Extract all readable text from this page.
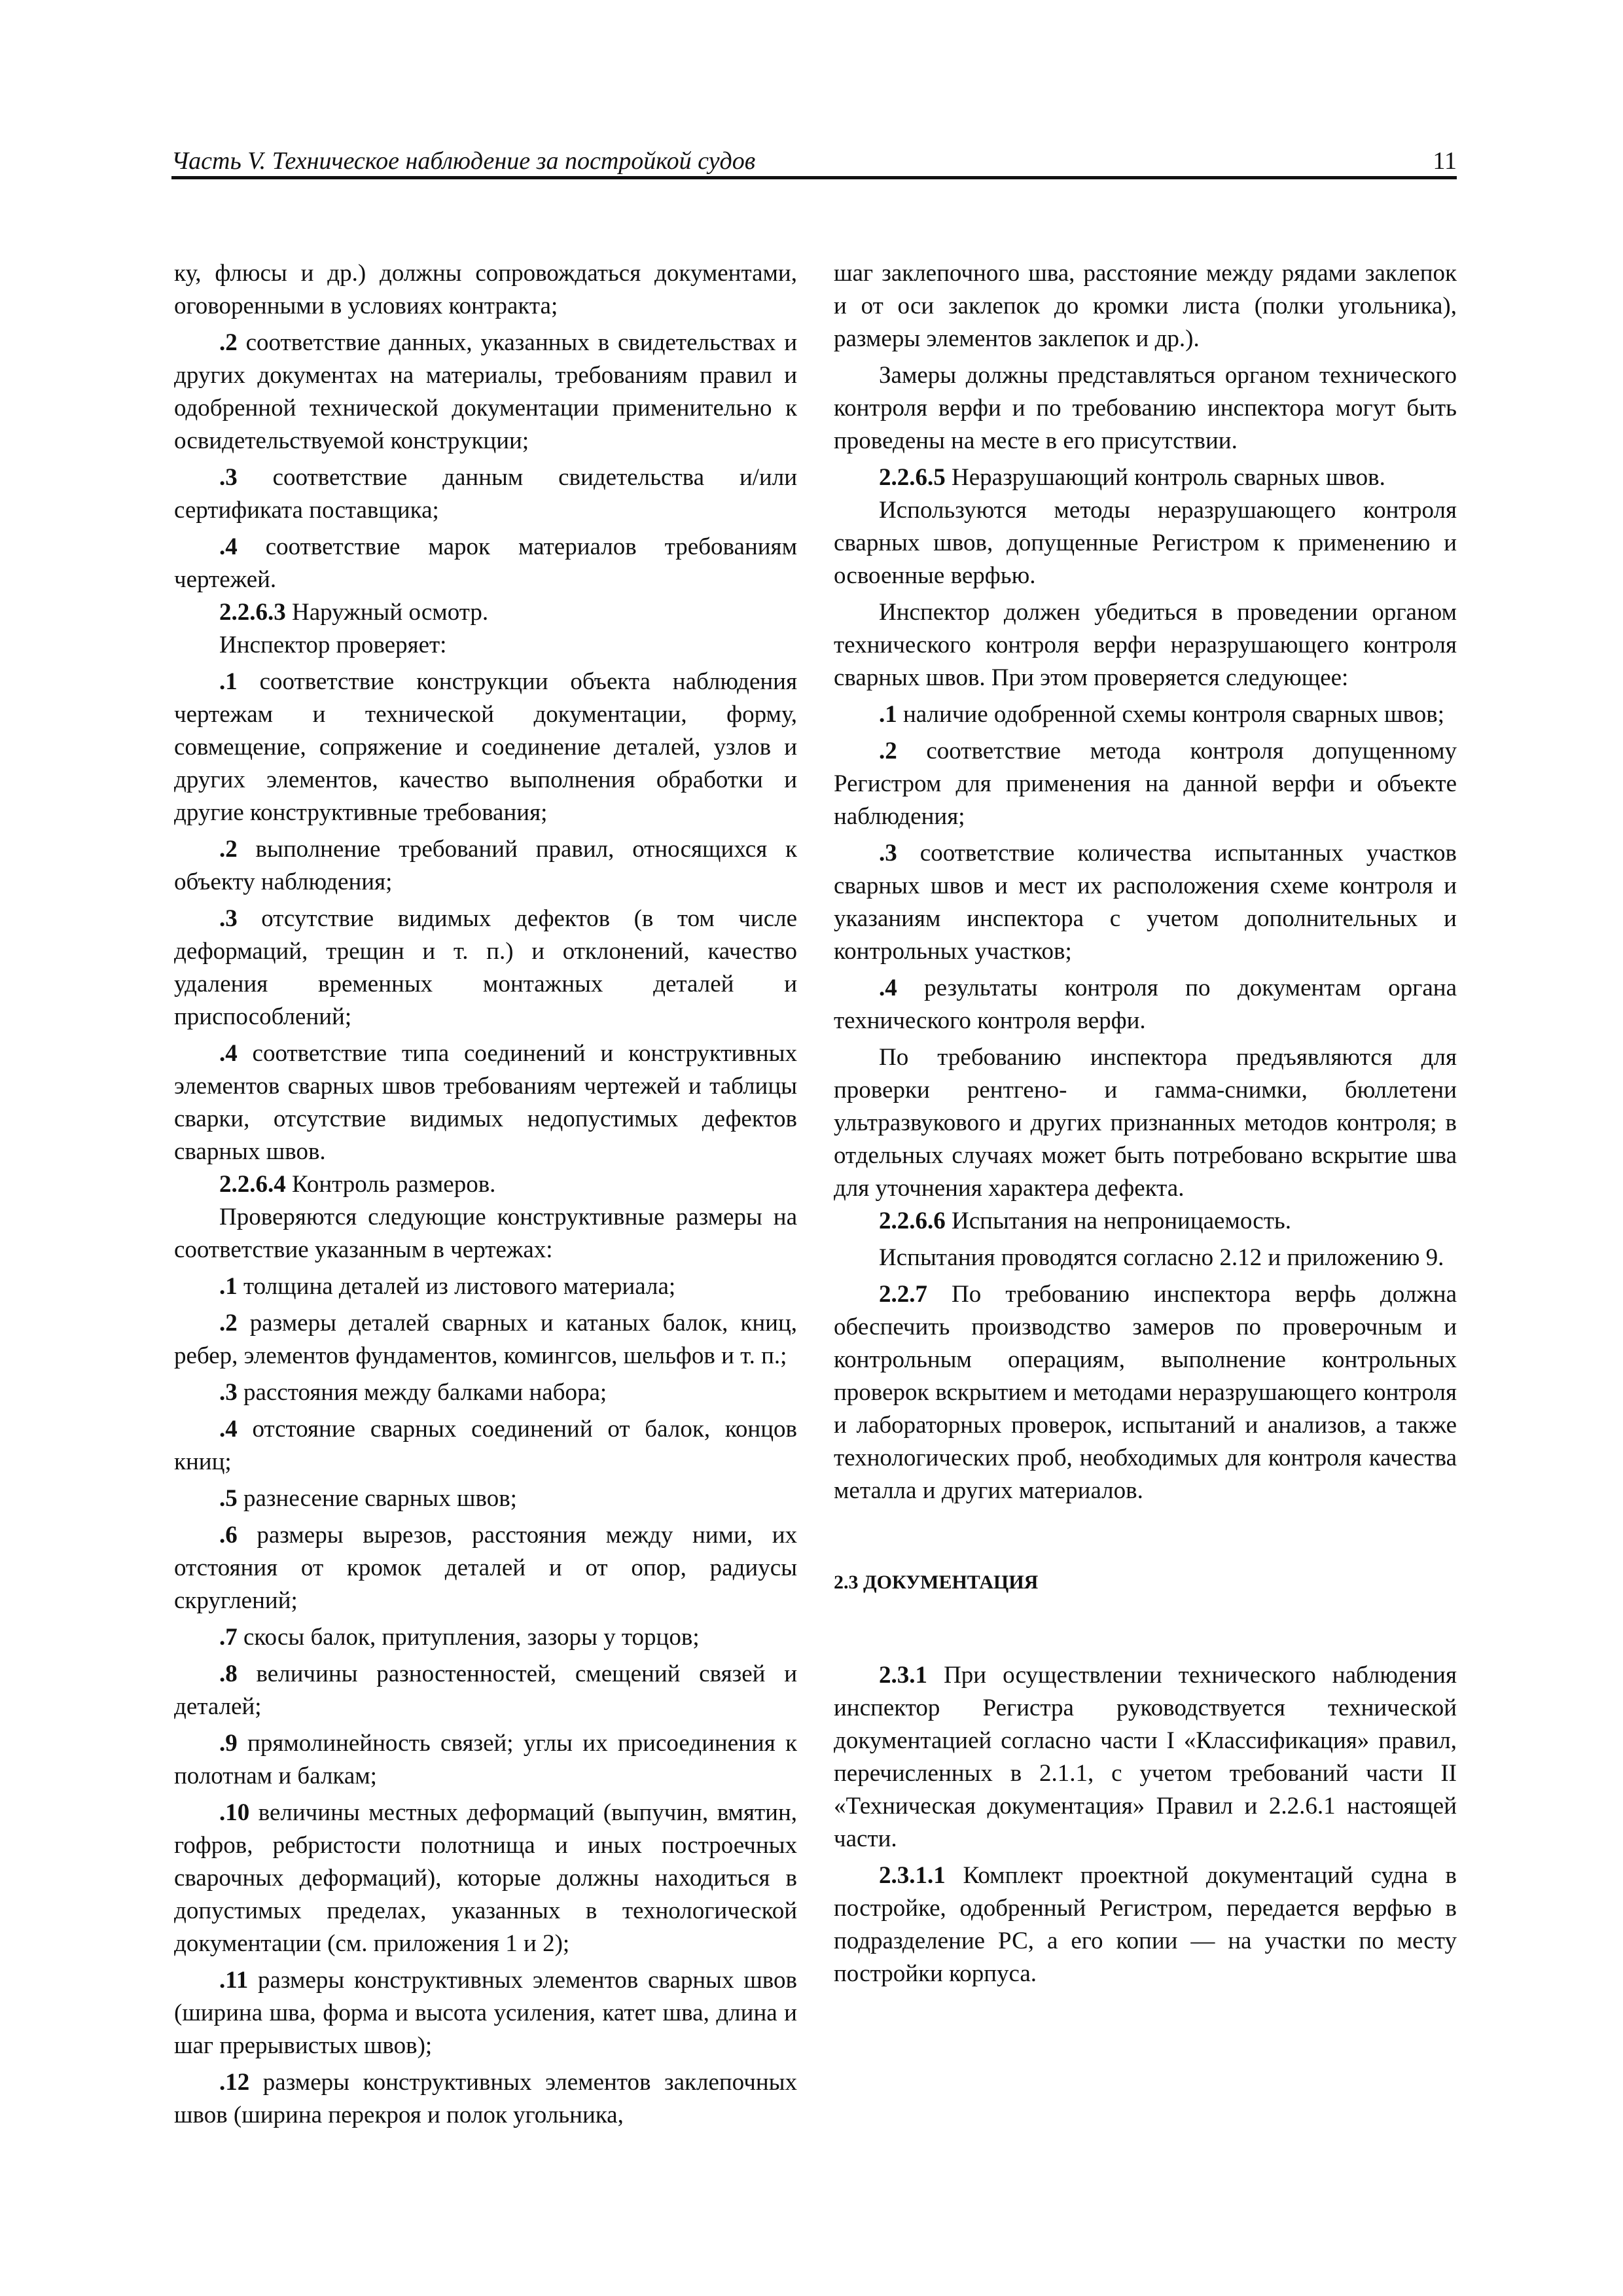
Часть V. Техническое наблюдение за постройкой судов	11

ку, флюсы и др.) должны сопровождаться документами, оговоренными в условиях контракта;

.2 соответствие данных, указанных в свидетельствах и других документах на материалы, требованиям правил и одобренной технической документации применительно к освидетельствуемой конструкции;

.3 соответствие данным свидетельства и/или сертификата поставщика;

.4 соответствие марок материалов требованиям чертежей.

2.2.6.3 Наружный осмотр.

Инспектор проверяет:

.1 соответствие конструкции объекта наблюдения чертежам и технической документации, форму, совмещение, сопряжение и соединение деталей, узлов и других элементов, качество выполнения обработки и другие конструктивные требования;

.2 выполнение требований правил, относящихся к объекту наблюдения;

.3 отсутствие видимых дефектов (в том числе деформаций, трещин и т. п.) и отклонений, качество удаления временных монтажных деталей и приспособлений;

.4 соответствие типа соединений и конструктивных элементов сварных швов требованиям чертежей и таблицы сварки, отсутствие видимых недопустимых дефектов сварных швов.

2.2.6.4 Контроль размеров.

Проверяются следующие конструктивные размеры на соответствие указанным в чертежах:

.1 толщина деталей из листового материала;

.2 размеры деталей сварных и катаных балок, книц, ребер, элементов фундаментов, комингсов, шельфов и т. п.;

.3 расстояния между балками набора;

.4 отстояние сварных соединений от балок, концов книц;

.5 разнесение сварных швов;

.6 размеры вырезов, расстояния между ними, их отстояния от кромок деталей и от опор, радиусы скруглений;

.7 скосы балок, притупления, зазоры у торцов;

.8 величины разностенностей, смещений связей и деталей;

.9 прямолинейность связей; углы их присоединения к полотнам и балкам;

.10 величины местных деформаций (выпучин, вмятин, гофров, ребристости полотнища и иных построечных сварочных деформаций), которые должны находиться в допустимых пределах, указанных в технологической документации (см. приложения 1 и 2);

.11 размеры конструктивных элементов сварных швов (ширина шва, форма и высота усиления, катет шва, длина и шаг прерывистых швов);

.12 размеры конструктивных элементов заклепочных швов (ширина перекроя и полок угольника,

шаг заклепочного шва, расстояние между рядами заклепок и от оси заклепок до кромки листа (полки угольника), размеры элементов заклепок и др.).

Замеры должны представляться органом технического контроля верфи и по требованию инспектора могут быть проведены на месте в его присутствии.

2.2.6.5 Неразрушающий контроль сварных швов.

Используются методы неразрушающего контроля сварных швов, допущенные Регистром к применению и освоенные верфью.

Инспектор должен убедиться в проведении органом технического контроля верфи неразрушающего контроля сварных швов. При этом проверяется следующее:

.1 наличие одобренной схемы контроля сварных швов;

.2 соответствие метода контроля допущенному Регистром для применения на данной верфи и объекте наблюдения;

.3 соответствие количества испытанных участков сварных швов и мест их расположения схеме контроля и указаниям инспектора с учетом дополнительных и контрольных участков;

.4 результаты контроля по документам органа технического контроля верфи.

По требованию инспектора предъявляются для проверки рентгено- и гамма-снимки, бюллетени ультразвукового и других признанных методов контроля; в отдельных случаях может быть потребовано вскрытие шва для уточнения характера дефекта.

2.2.6.6 Испытания на непроницаемость.

Испытания проводятся согласно 2.12 и приложению 9.

2.2.7 По требованию инспектора верфь должна обеспечить производство замеров по проверочным и контрольным операциям, выполнение контрольных проверок вскрытием и методами неразрушающего контроля и лабораторных проверок, испытаний и анализов, а также технологических проб, необходимых для контроля качества металла и других материалов.

2.3 ДОКУМЕНТАЦИЯ

2.3.1 При осуществлении технического наблюдения инспектор Регистра руководствуется технической документацией согласно части I «Классификация» правил, перечисленных в 2.1.1, с учетом требований части II «Техническая документация» Правил и 2.2.6.1 настоящей части.

2.3.1.1 Комплект проектной документаций судна в постройке, одобренный Регистром, передается верфью в подразделение РС, а его копии — на участки по месту постройки корпуса.
